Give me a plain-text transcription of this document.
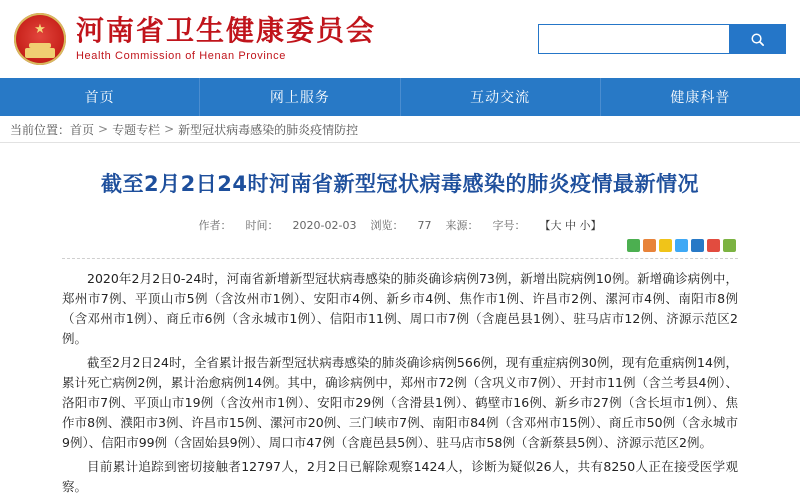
★ 河南省卫生健康委员会
Health Commission of Henan Province
首页	网上服务	互动交流	健康科普
当前位置： 首页 > 专题专栏 > 新型冠状病毒感染的肺炎疫情防控
截至2月2日24时河南省新型冠状病毒感染的肺炎疫情最新情况
作者： 时间： 2020-02-03 浏览： 77 来源： 字号： 【大 中 小】

2020年2月2日0-24时，河南省新增新型冠状病毒感染的肺炎确诊病例73例，新增出院病例10例。新增确诊病例中，郑州市7例、平顶山市5例（含汝州市1例）、安阳市4例、新乡市4例、焦作市1例、许昌市2例、漯河市4例、南阳市8例（含邓州市1例）、商丘市6例（含永城市1例）、信阳市11例、周口市7例（含鹿邑县1例）、驻马店市12例、济源示范区2例。

截至2月2日24时，全省累计报告新型冠状病毒感染的肺炎确诊病例566例，现有重症病例30例，现有危重病例14例，累计死亡病例2例，累计治愈病例14例。其中，确诊病例中，郑州市72例（含巩义市7例）、开封市11例（含兰考县4例）、洛阳市7例、平顶山市19例（含汝州市1例）、安阳市29例（含滑县1例）、鹤壁市16例、新乡市27例（含长垣市1例）、焦作市8例、濮阳市3例、许昌市15例、漯河市20例、三门峡市7例、南阳市84例（含邓州市15例）、商丘市50例（含永城市9例）、信阳市99例（含固始县9例）、周口市47例（含鹿邑县5例）、驻马店市58例（含新蔡县5例）、济源示范区2例。

目前累计追踪到密切接触者12797人，2月2日已解除观察1424人，诊断为疑似26人，共有8250人正在接受医学观察。
